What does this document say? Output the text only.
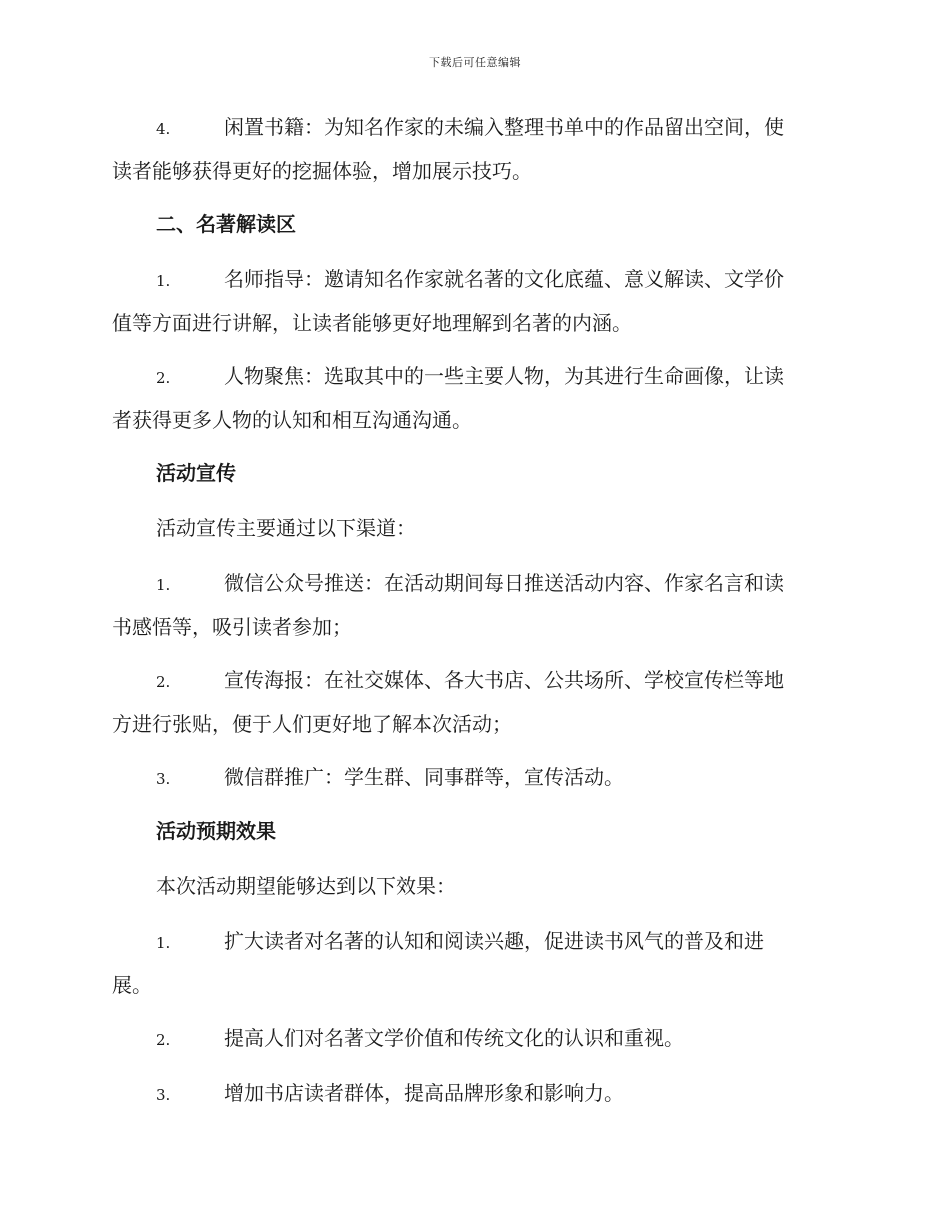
下载后可任意编辑
4.	闲置书籍：为知名作家的未编入整理书单中的作品留出空间，使
读者能够获得更好的挖掘体验，增加展示技巧。
二、名著解读区
1.	名师指导：邀请知名作家就名著的文化底蕴、意义解读、文学价
值等方面进行讲解，让读者能够更好地理解到名著的内涵。
2.	人物聚焦：选取其中的一些主要人物，为其进行生命画像，让读
者获得更多人物的认知和相互沟通沟通。
活动宣传
活动宣传主要通过以下渠道：
1.	微信公众号推送：在活动期间每日推送活动内容、作家名言和读
书感悟等，吸引读者参加；
2.	宣传海报：在社交媒体、各大书店、公共场所、学校宣传栏等地
方进行张贴，便于人们更好地了解本次活动；
3.	微信群推广：学生群、同事群等，宣传活动。
活动预期效果
本次活动期望能够达到以下效果：
1.	扩大读者对名著的认知和阅读兴趣，促进读书风气的普及和进
展。
2.	提高人们对名著文学价值和传统文化的认识和重视。
3.	增加书店读者群体，提高品牌形象和影响力。
